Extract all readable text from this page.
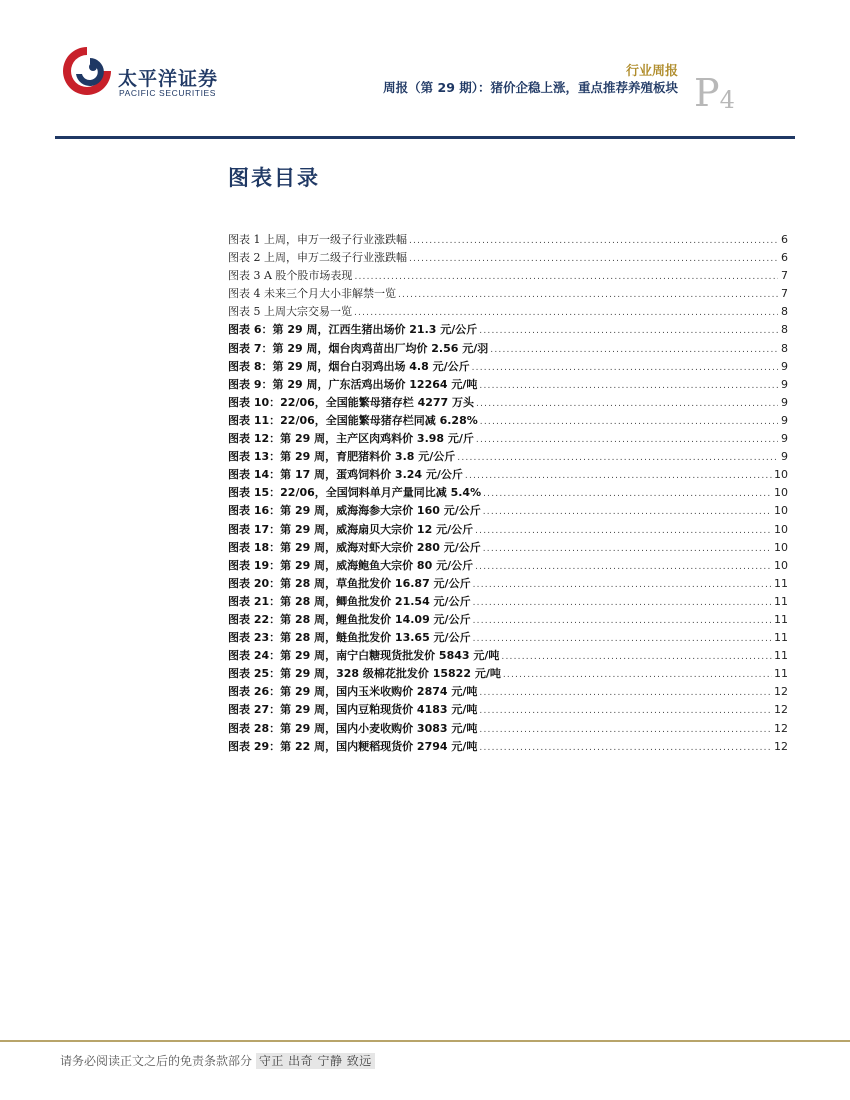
太平洋证券
PACIFIC SECURITIES
行业周报
周报（第 29 期）：猪价企稳上涨，重点推荐养殖板块 P4
图表目录
图表 1 上周，申万一级子行业涨跌幅 .....	6
图表 2 上周，申万二级子行业涨跌幅 .....	6
图表 3 A 股个股市场表现 .....	7
图表 4 未来三个月大小非解禁一览 .....	7
图表 5 上周大宗交易一览 .....	8
图表 6：第 29 周，江西生猪出场价 21.3 元/公斤 .....	8
图表 7：第 29 周，烟台肉鸡苗出厂均价 2.56 元/羽 .....	8
图表 8：第 29 周，烟台白羽鸡出场 4.8 元/公斤 .....	9
图表 9：第 29 周，广东活鸡出场价 12264 元/吨 .....	9
图表 10：22/06，全国能繁母猪存栏 4277 万头 .....	9
图表 11：22/06，全国能繁母猪存栏同减 6.28% .....	9
图表 12：第 29 周，主产区肉鸡料价 3.98 元/斤 .....	9
图表 13：第 29 周，育肥猪料价 3.8 元/公斤 .....	9
图表 14：第 17 周，蛋鸡饲料价 3.24 元/公斤 .....	10
图表 15：22/06，全国饲料单月产量同比减 5.4% .....	10
图表 16：第 29 周，威海海参大宗价 160 元/公斤 .....	10
图表 17：第 29 周，威海扇贝大宗价 12 元/公斤 .....	10
图表 18：第 29 周，威海对虾大宗价 280 元/公斤 .....	10
图表 19：第 29 周，威海鲍鱼大宗价 80 元/公斤 .....	10
图表 20：第 28 周，草鱼批发价 16.87 元/公斤 .....	11
图表 21：第 28 周，鲫鱼批发价 21.54 元/公斤 .....	11
图表 22：第 28 周，鲤鱼批发价 14.09 元/公斤 .....	11
图表 23：第 28 周，鲢鱼批发价 13.65 元/公斤 .....	11
图表 24：第 29 周，南宁白糖现货批发价 5843 元/吨 .....	11
图表 25：第 29 周，328 级棉花批发价 15822 元/吨 .....	11
图表 26：第 29 周，国内玉米收购价 2874 元/吨 .....	12
图表 27：第 29 周，国内豆粕现货价 4183 元/吨 .....	12
图表 28：第 29 周，国内小麦收购价 3083 元/吨 .....	12
图表 29：第 22 周，国内粳稻现货价 2794 元/吨 .....	12
请务必阅读正文之后的免责条款部分 守正 出奇 宁静 致远
